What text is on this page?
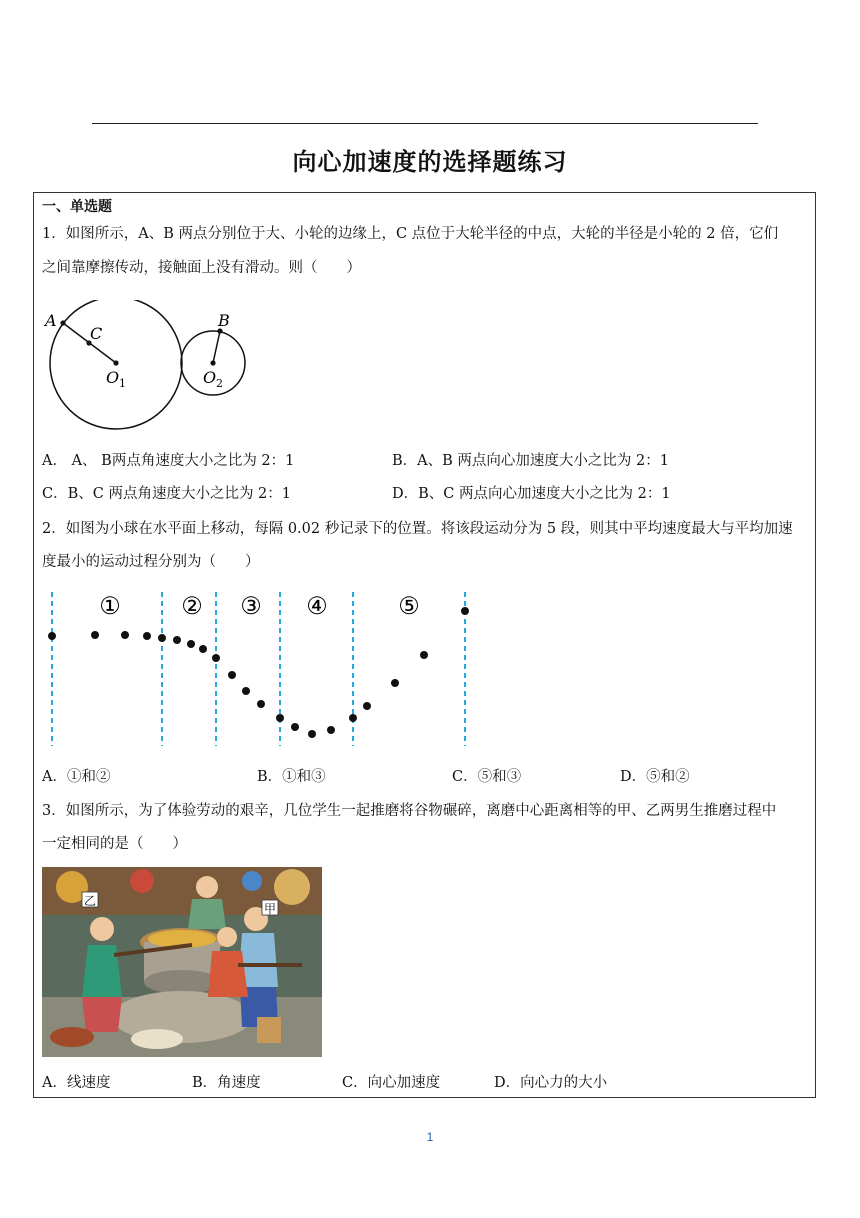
向心加速度的选择题练习
一、单选题
1．如图所示，A、B 两点分别位于大、小轮的边缘上，C 点位于大轮半径的中点，大轮的半径是小轮的 2 倍，它们
之间靠摩擦传动，接触面上没有滑动。则（　　）
A
C
B
O 1	O 2
A． A、 B两点角速度大小之比为 2：1	B．A、B 两点向心加速度大小之比为 2：1
C．B、C 两点角速度大小之比为 2：1	D．B、C 两点向心加速度大小之比为 2：1
2．如图为小球在水平面上移动，每隔 0.02 秒记录下的位置。将该段运动分为 5 段，则其中平均速度最大与平均加速
度最小的运动过程分别为（　　）
①	② ③ ④	⑤
A．①和②	B．①和③	C．⑤和③	D．⑤和②
3．如图所示，为了体验劳动的艰辛，几位学生一起推磨将谷物碾碎，离磨中心距离相等的甲、乙两男生推磨过程中
一定相同的是（　　）
乙
甲
A．线速度	B．角速度	C．向心加速度	D．向心力的大小
1
